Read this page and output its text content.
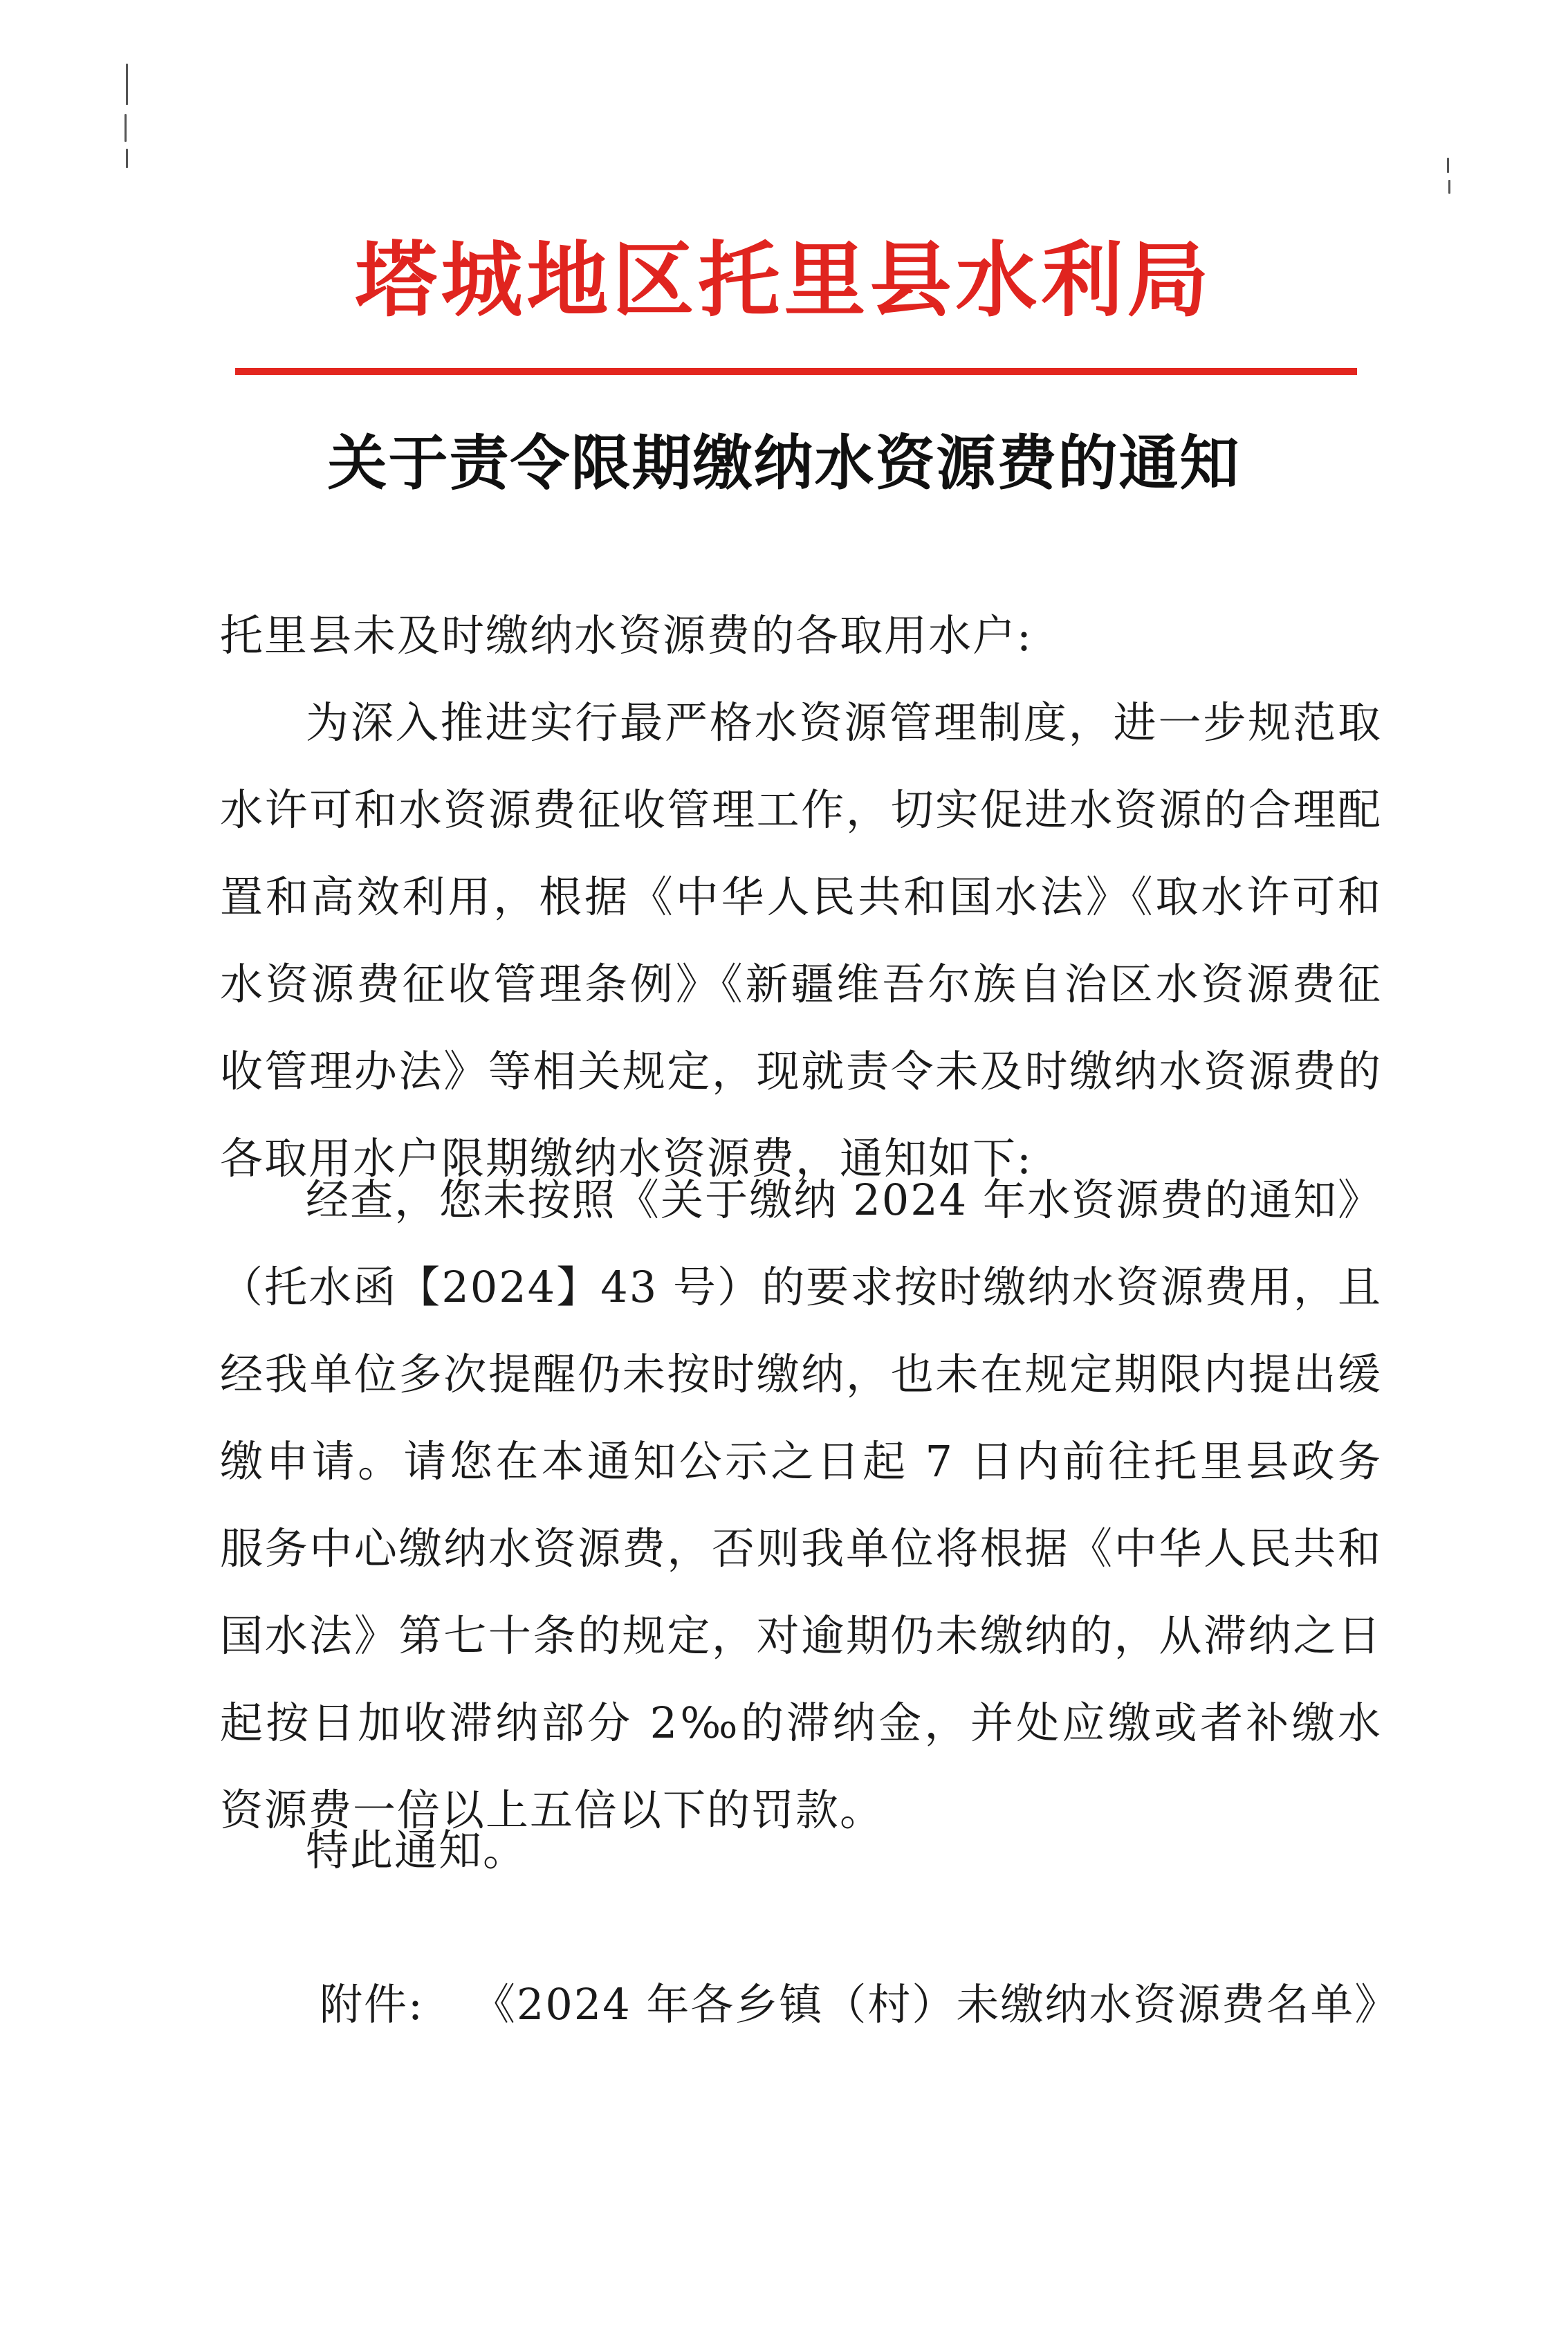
塔城地区托里县水利局
关于责令限期缴纳水资源费的通知
托里县未及时缴纳水资源费的各取用水户:
为深入推进实行最严格水资源管理制度，进一步规范取水许可和水资源费征收管理工作，切实促进水资源的合理配置和高效利用，根据《中华人民共和国水法》《取水许可和水资源费征收管理条例》《新疆维吾尔族自治区水资源费征收管理办法》等相关规定，现就责令未及时缴纳水资源费的各取用水户限期缴纳水资源费，通知如下:
经查，您未按照《关于缴纳 2024 年水资源费的通知》（托水函【2024】43 号）的要求按时缴纳水资源费用，且经我单位多次提醒仍未按时缴纳，也未在规定期限内提出缓缴申请。请您在本通知公示之日起 7 日内前往托里县政务服务中心缴纳水资源费，否则我单位将根据《中华人民共和国水法》第七十条的规定，对逾期仍未缴纳的，从滞纳之日起按日加收滞纳部分 2‰的滞纳金，并处应缴或者补缴水资源费一倍以上五倍以下的罚款。
特此通知。
附件: 《2024 年各乡镇（村）未缴纳水资源费名单》
